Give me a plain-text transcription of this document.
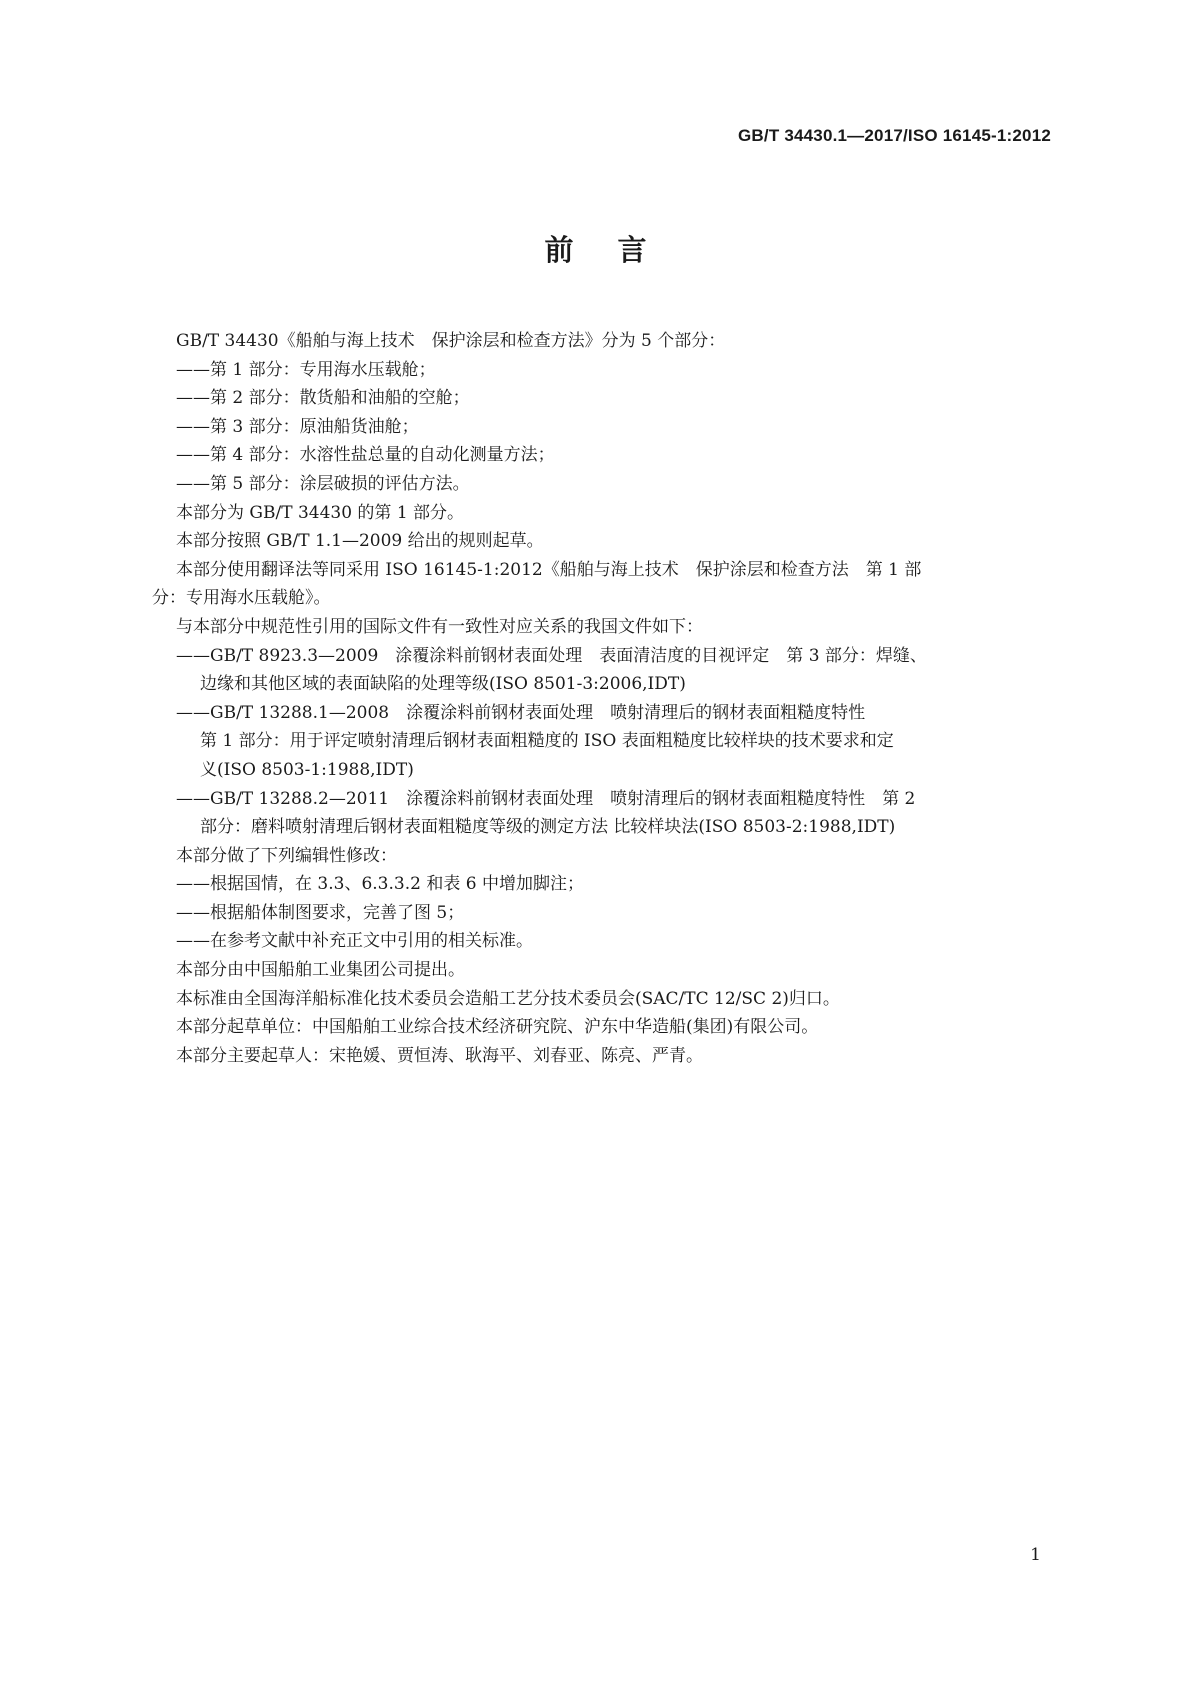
GB/T 34430.1—2017/ISO 16145-1:2012
前言
GB/T 34430《船舶与海上技术　保护涂层和检查方法》分为 5 个部分：
——第 1 部分：专用海水压载舱；
——第 2 部分：散货船和油船的空舱；
——第 3 部分：原油船货油舱；
——第 4 部分：水溶性盐总量的自动化测量方法；
——第 5 部分：涂层破损的评估方法。
本部分为 GB/T 34430 的第 1 部分。
本部分按照 GB/T 1.1—2009 给出的规则起草。
本部分使用翻译法等同采用 ISO 16145-1:2012《船舶与海上技术　保护涂层和检查方法　第 1 部
分：专用海水压载舱》。
与本部分中规范性引用的国际文件有一致性对应关系的我国文件如下：
——GB/T 8923.3—2009　涂覆涂料前钢材表面处理　表面清洁度的目视评定　第 3 部分：焊缝、
边缘和其他区域的表面缺陷的处理等级(ISO 8501-3:2006,IDT)
——GB/T 13288.1—2008　涂覆涂料前钢材表面处理　喷射清理后的钢材表面粗糙度特性
第 1 部分：用于评定喷射清理后钢材表面粗糙度的 ISO 表面粗糙度比较样块的技术要求和定
义(ISO 8503-1:1988,IDT)
——GB/T 13288.2—2011　涂覆涂料前钢材表面处理　喷射清理后的钢材表面粗糙度特性　第 2
部分：磨料喷射清理后钢材表面粗糙度等级的测定方法 比较样块法(ISO 8503-2:1988,IDT)
本部分做了下列编辑性修改：
——根据国情，在 3.3、6.3.3.2 和表 6 中增加脚注；
——根据船体制图要求，完善了图 5；
——在参考文献中补充正文中引用的相关标准。
本部分由中国船舶工业集团公司提出。
本标准由全国海洋船标准化技术委员会造船工艺分技术委员会(SAC/TC 12/SC 2)归口。
本部分起草单位：中国船舶工业综合技术经济研究院、沪东中华造船(集团)有限公司。
本部分主要起草人：宋艳媛、贾恒涛、耿海平、刘春亚、陈亮、严青。
1
